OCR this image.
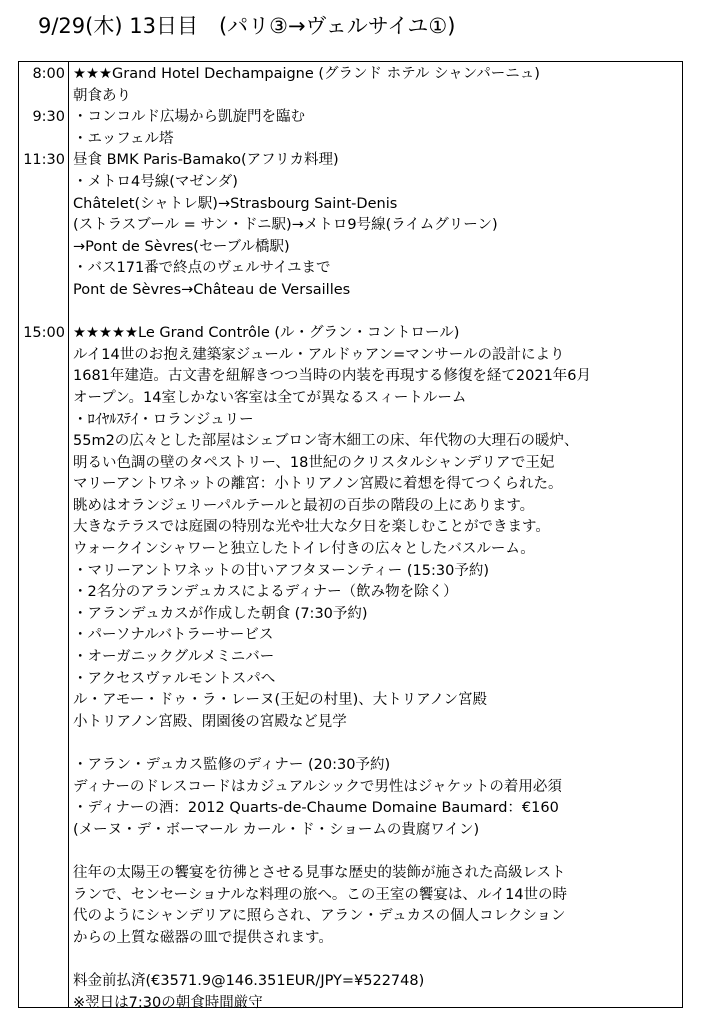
9/29(木) 13日目　(パリ③→ヴェルサイユ①)
8:00 ★★★Grand Hotel Dechampaigne (グランド ホテル シャンパーニュ)
朝食あり
9:30 ・コンコルド広場から凱旋門を臨む
・エッフェル塔
11:30 昼食 BMK Paris-Bamako(アフリカ料理)
・メトロ4号線(マゼンダ)
Châtelet(シャトレ駅)→Strasbourg Saint-Denis
(ストラスブール = サン・ドニ駅)→メトロ9号線(ライムグリーン)
→Pont de Sèvres(セーブル橋駅)
・バス171番で終点のヴェルサイユまで
Pont de Sèvres→Château de Versailles
15:00 ★★★★★Le Grand Contrôle (ル・グラン・コントロール)
ルイ14世のお抱え建築家ジュール・アルドゥアン=マンサールの設計により
1681年建造。古文書を紐解きつつ当時の内装を再現する修復を経て2021年6月
オープン。14室しかない客室は全てが異なるスィートルーム
・ﾛｲﾔﾙｽﾃｲ・ロランジュリー
55m2の広々とした部屋はシェブロン寄木細工の床、年代物の大理石の暖炉、
明るい色調の壁のタペストリー、18世紀のクリスタルシャンデリアで王妃
マリーアントワネットの離宮：小トリアノン宮殿に着想を得てつくられた。
眺めはオランジェリーパルテールと最初の百歩の階段の上にあります。
大きなテラスでは庭園の特別な光や壮大な夕日を楽しむことができます。
ウォークインシャワーと独立したトイレ付きの広々としたバスルーム。
・マリーアントワネットの甘いアフタヌーンティー (15:30予約)
・2名分のアランデュカスによるディナー（飲み物を除く）
・アランデュカスが作成した朝食 (7:30予約)
・パーソナルバトラーサービス
・オーガニックグルメミニバー
・アクセスヴァルモントスパへ
ル・アモー・ドゥ・ラ・レーヌ(王妃の村里)、大トリアノン宮殿
小トリアノン宮殿、閉園後の宮殿など見学
・アラン・デュカス監修のディナー (20:30予約)
ディナーのドレスコードはカジュアルシックで男性はジャケットの着用必須
・ディナーの酒：2012 Quarts-de-Chaume Domaine Baumard：€160
(メーヌ・デ・ボーマール カール・ド・ショームの貴腐ワイン)
往年の太陽王の饗宴を彷彿とさせる見事な歴史的装飾が施された高級レスト
ランで、センセーショナルな料理の旅へ。この王室の饗宴は、ルイ14世の時
代のようにシャンデリアに照らされ、アラン・デュカスの個人コレクション
からの上質な磁器の皿で提供されます。
料金前払済(€3571.9@146.351EUR/JPY=¥522748)
※翌日は7:30の朝食時間厳守
